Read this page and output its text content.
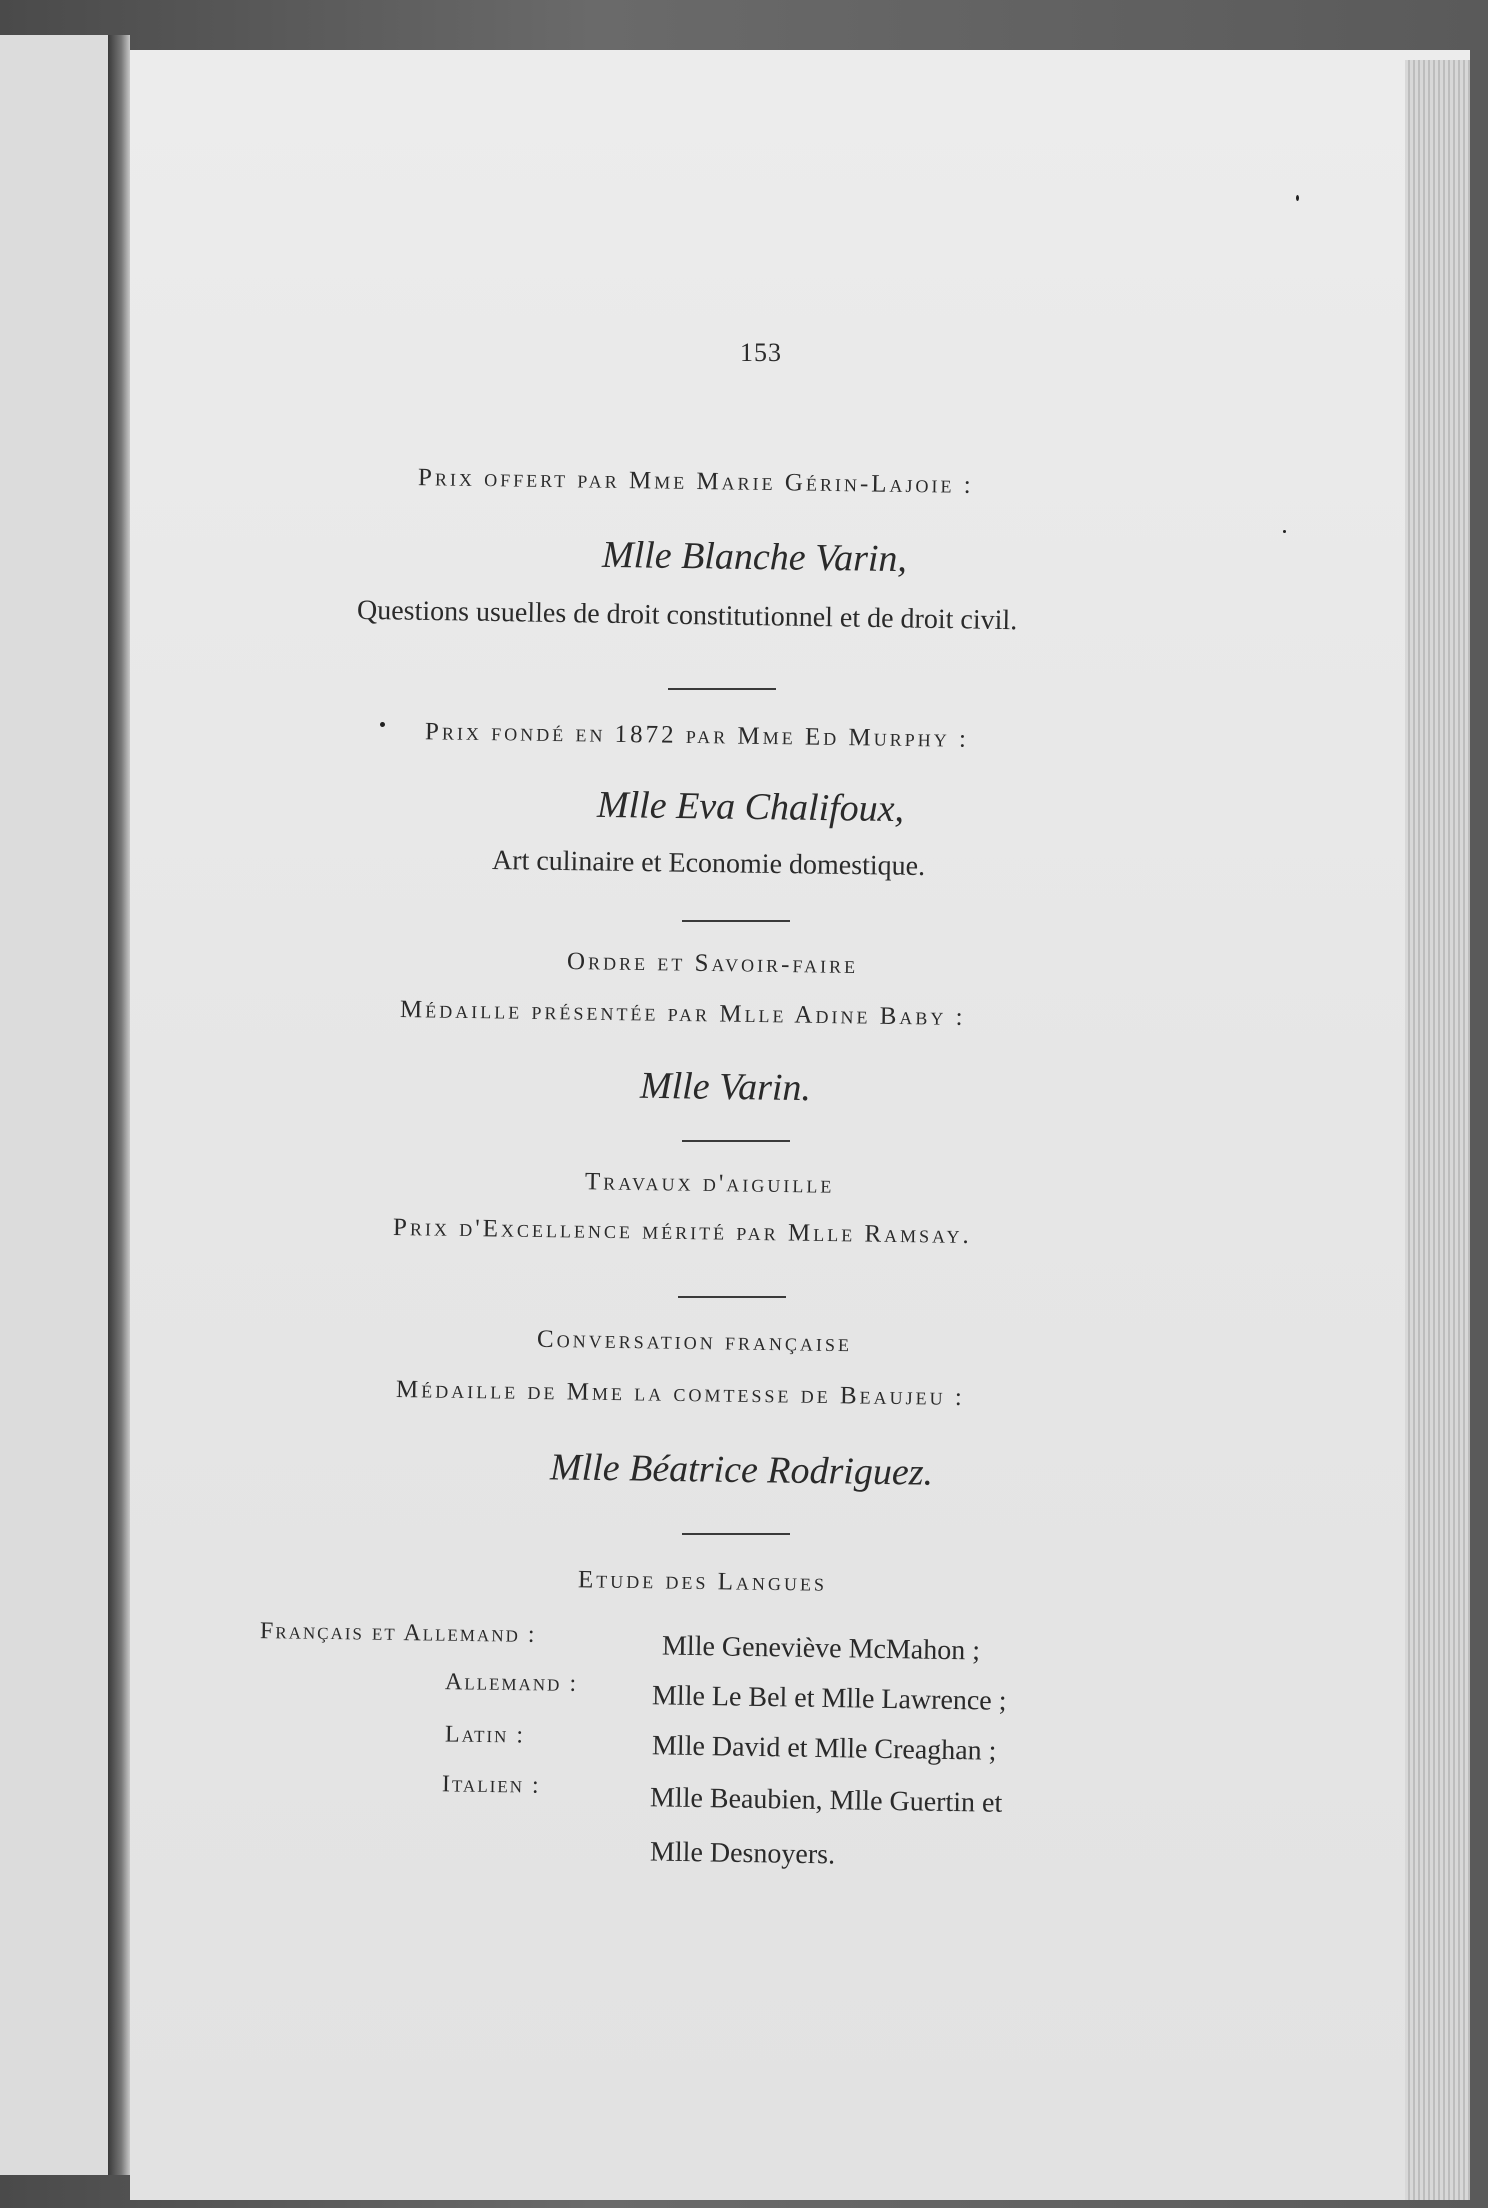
153
Prix offert par Mme Marie Gérin-Lajoie :
Mlle Blanche Varin,
Questions usuelles de droit constitutionnel et de droit civil.
Prix fondé en 1872 par Mme Ed Murphy :
Mlle Eva Chalifoux,
Art culinaire et Economie domestique.
Ordre et Savoir-faire
Médaille présentée par Mlle Adine Baby :
Mlle Varin.
Travaux d'aiguille
Prix d'Excellence mérité par Mlle Ramsay.
Conversation française
Médaille de Mme la comtesse de Beaujeu :
Mlle Béatrice Rodriguez.
Etude des Langues
Français et Allemand :	Mlle Geneviève McMahon ;
Allemand :	Mlle Le Bel et Mlle Lawrence ;
Latin :	Mlle David et Mlle Creaghan ;
Italien :	Mlle Beaubien, Mlle Guertin et
Mlle Desnoyers.
